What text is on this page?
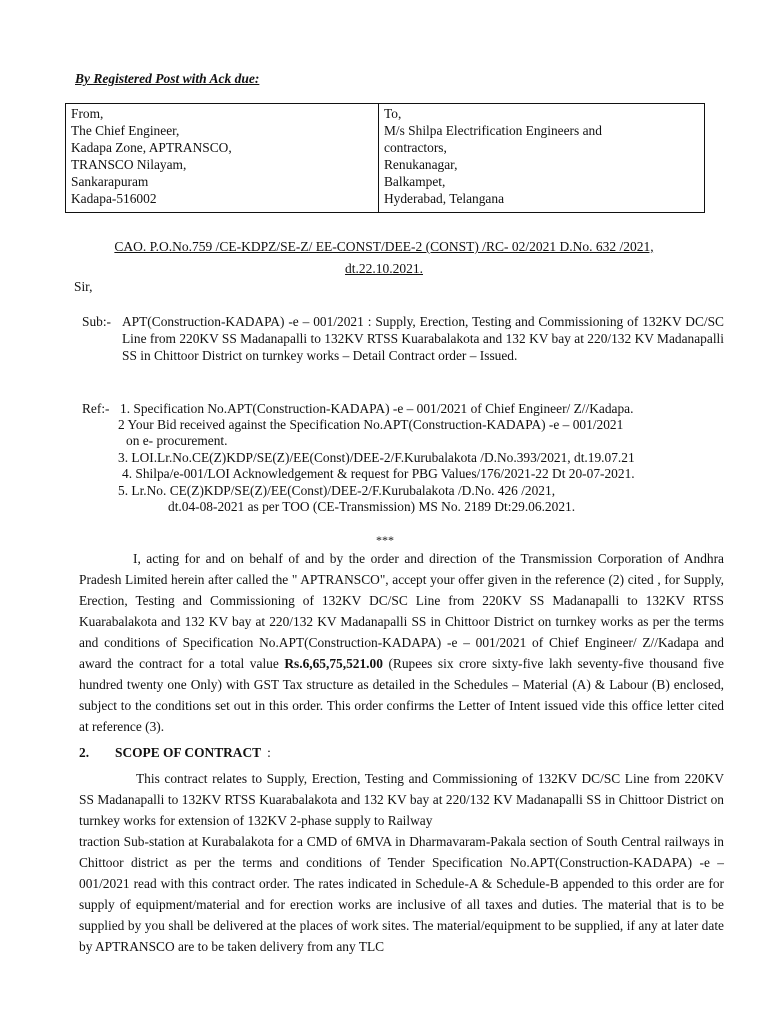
By Registered Post with Ack due:
From,
The Chief Engineer,
Kadapa Zone, APTRANSCO,
TRANSCO Nilayam,
Sankarapuram
Kadapa-516002

To,
M/s Shilpa Electrification Engineers and
contractors,
Renukanagar,
Balkampet,
Hyderabad, Telangana
CAO. P.O.No.759 /CE-KDPZ/SE-Z/ EE-CONST/DEE-2 (CONST) /RC- 02/2021 D.No. 632 /2021,
dt.22.10.2021.
Sir,
Sub:- APT(Construction-KADAPA) -e – 001/2021 : Supply, Erection, Testing and Commissioning of 132KV DC/SC Line from 220KV SS Madanapalli to 132KV RTSS Kuarabalakota and 132 KV bay at 220/132 KV Madanapalli SS in Chittoor District on turnkey works – Detail Contract order – Issued.
Ref:- 1. Specification No.APT(Construction-KADAPA) -e – 001/2021 of Chief Engineer/ Z//Kadapa.
2 Your Bid received against the Specification No.APT(Construction-KADAPA) -e – 001/2021
on e- procurement.
3. LOI.Lr.No.CE(Z)KDP/SE(Z)/EE(Const)/DEE-2/F.Kurubalakota /D.No.393/2021, dt.19.07.21
4. Shilpa/e-001/LOI Acknowledgement & request for PBG Values/176/2021-22 Dt 20-07-2021.
5. Lr.No. CE(Z)KDP/SE(Z)/EE(Const)/DEE-2/F.Kurubalakota /D.No. 426 /2021,
dt.04-08-2021 as per TOO (CE-Transmission) MS No. 2189 Dt:29.06.2021.
***
I, acting for and on behalf of and by the order and direction of the Transmission Corporation of Andhra Pradesh Limited herein after called the " APTRANSCO", accept your offer given in the reference (2) cited , for Supply, Erection, Testing and Commissioning of 132KV DC/SC Line from 220KV SS Madanapalli to 132KV RTSS Kuarabalakota and 132 KV bay at 220/132 KV Madanapalli SS in Chittoor District on turnkey works as per the terms and conditions of Specification No.APT(Construction-KADAPA) -e – 001/2021 of Chief Engineer/ Z//Kadapa and award the contract for a total value Rs.6,65,75,521.00 (Rupees six crore sixty-five lakh seventy-five thousand five hundred twenty one Only) with GST Tax structure as detailed in the Schedules – Material (A) & Labour (B) enclosed, subject to the conditions set out in this order. This order confirms the Letter of Intent issued vide this office letter cited at reference (3).
2. SCOPE OF CONTRACT :
This contract relates to Supply, Erection, Testing and Commissioning of 132KV DC/SC Line from 220KV SS Madanapalli to 132KV RTSS Kuarabalakota and 132 KV bay at 220/132 KV Madanapalli SS in Chittoor District on turnkey works for extension of 132KV 2-phase supply to Railway
traction Sub-station at Kurabalakota for a CMD of 6MVA in Dharmavaram-Pakala section of South Central railways in Chittoor district as per the terms and conditions of Tender Specification No.APT(Construction-KADAPA) -e – 001/2021 read with this contract order. The rates indicated in Schedule-A & Schedule-B appended to this order are for supply of equipment/material and for erection works are inclusive of all taxes and duties. The material that is to be supplied by you shall be delivered at the places of work sites. The material/equipment to be supplied, if any at later date by APTRANSCO are to be taken delivery from any TLC
